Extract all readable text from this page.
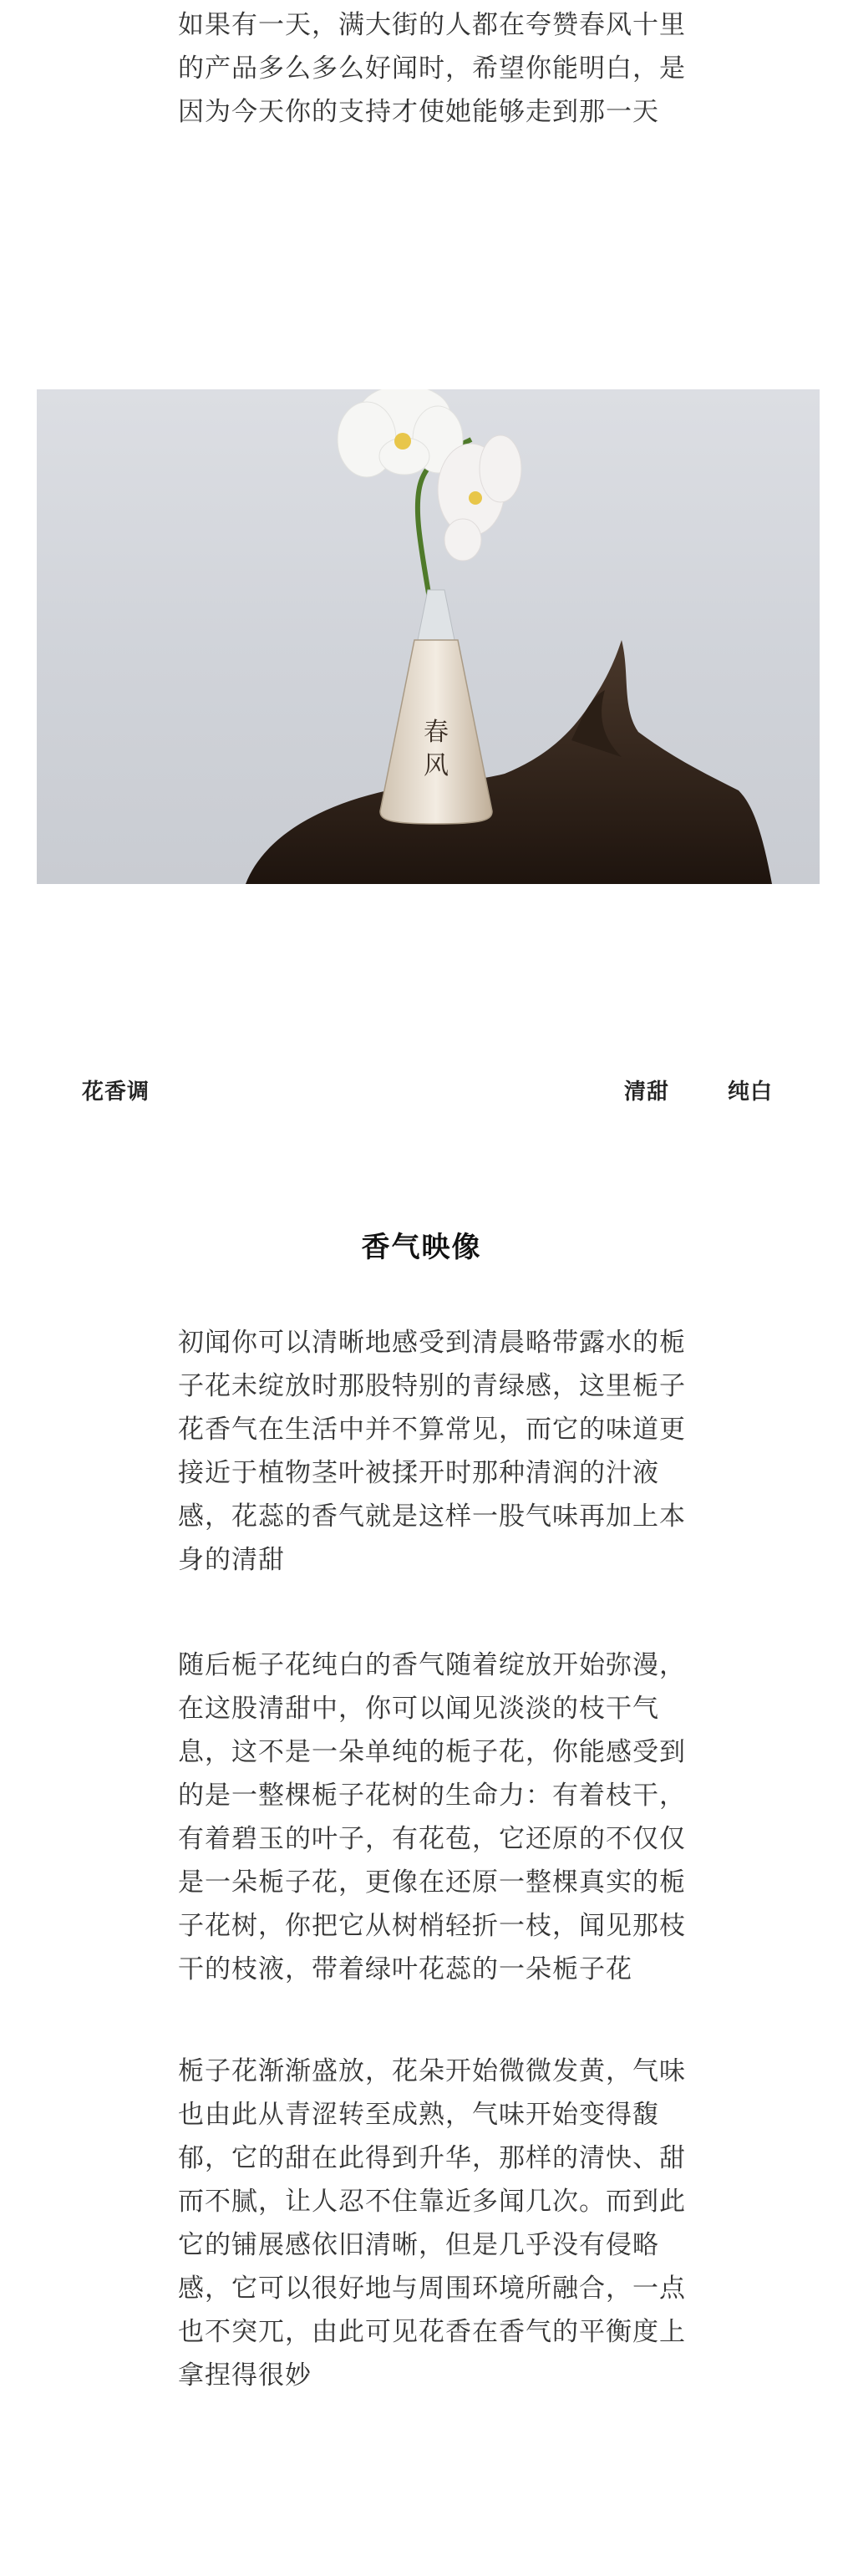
如果有一天，满大街的人都在夸赞春风十里的产品多么多么好闻时，希望你能明白，是因为今天你的支持才使她能够走到那一天

春
风
花香调	清甜	纯白
香气映像

初闻你可以清晰地感受到清晨略带露水的栀子花未绽放时那股特别的青绿感，这里栀子花香气在生活中并不算常见，而它的味道更接近于植物茎叶被揉开时那种清润的汁液感，花蕊的香气就是这样一股气味再加上本身的清甜

随后栀子花纯白的香气随着绽放开始弥漫，在这股清甜中，你可以闻见淡淡的枝干气息，这不是一朵单纯的栀子花，你能感受到的是一整棵栀子花树的生命力：有着枝干，有着碧玉的叶子，有花苞，它还原的不仅仅是一朵栀子花，更像在还原一整棵真实的栀子花树，你把它从树梢轻折一枝，闻见那枝干的枝液，带着绿叶花蕊的一朵栀子花

栀子花渐渐盛放，花朵开始微微发黄，气味也由此从青涩转至成熟，气味开始变得馥郁，它的甜在此得到升华，那样的清快、甜而不腻，让人忍不住靠近多闻几次。而到此它的铺展感依旧清晰，但是几乎没有侵略感，它可以很好地与周围环境所融合，一点也不突兀，由此可见花香在香气的平衡度上拿捏得很妙
